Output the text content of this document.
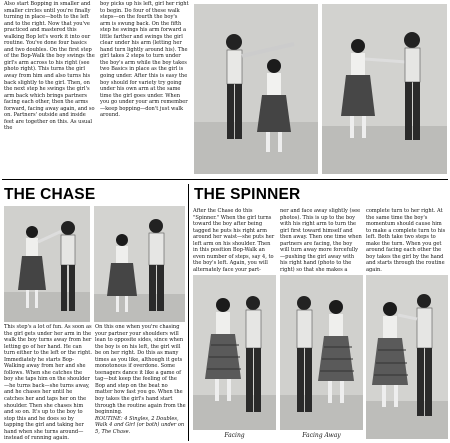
Also start Bopping in smaller and smaller circles until you're finally turning in place—both to the left and to the right. Now that you've practiced and mastered this walking Bop let's work it into our routine. You've done four basics and two doubles. On the first step of the Bop-Walk the boy swings the girl's arm across to his right (see photo right). This turns the girl away from him and also turns his back slightly to the girl. Then, on the next step he swings the girl's arm back which brings partners facing each other, then the arms forward, facing away again, and so on. Partners' outside and inside feet are together on this. As usual the

boy picks up his left, girl her right to begin. Do four of these walk steps—on the fourth the boy's arm is swung back. On the fifth step he swings his arm forward a little farther and swings the girl clear under his arm (letting her hand turn lightly around his). The girl takes 2 steps to turn under the boy's arm while the boy takes two Basics in place as the girl is going under. After this is easy the boy should for variety try going under his own arm at the same time the girl goes under. When you go under your arm remember—keep bopping—don't just walk around.

THE CHASE

This step's a lot of fun. As soon as the girl gets under her arm in the walk the boy turns away from her letting go of her hand. He can turn either to the left or the right. Immediately he starts Bop-Walking away from her and she follows. When she catches the boy she taps him on the shoulder—he turns back—she turns away, and he chases her until he catches her and taps her on the shoulder. Then she chases him and so on. It's up to the boy to stop this and he does so by tapping the girl and taking her hand when she turns around—instead of running again.

On this one when you're chasing your partner your shoulders will lean to opposite sides, since when the boy is on his left, the girl will be on her right. Do this as many times as you like, although it gets monotonous if overdone. Some teenagers dance it like a game of tag—but keep the feeling of the Bop and step on the beat no matter how fast you go. When the boy takes the girl's hand start through the routine again from the beginning.

ROUTINE: 4 Singles, 2 Doubles, Walk 4 and Girl (or both) under on 5, The Chase.

THE SPINNER

After the Chase do this "Spinner." When the girl turns toward the boy after being tagged he puts his right arm around her waist—she puts her left arm on his shoulder. Then in this position Bop-Walk an even number of steps, say 4, to the boy's left. Again, you will alternately face your part-

ner and face away slightly (see photos). This is up to the boy with his right arm to turn the girl first toward himself and then away. Then one time when partners are facing, the boy will turn away more forcefully—pushing the girl away with his right hand (photo to the right) so that she makes a

complete turn to her right. At the same time the boy's momentum should cause him to make a complete turn to his left. Both take two steps to make the turn. When you get around facing each other the boy takes the girl by the hand and starts through the routine again.

Facing	Facing Away
